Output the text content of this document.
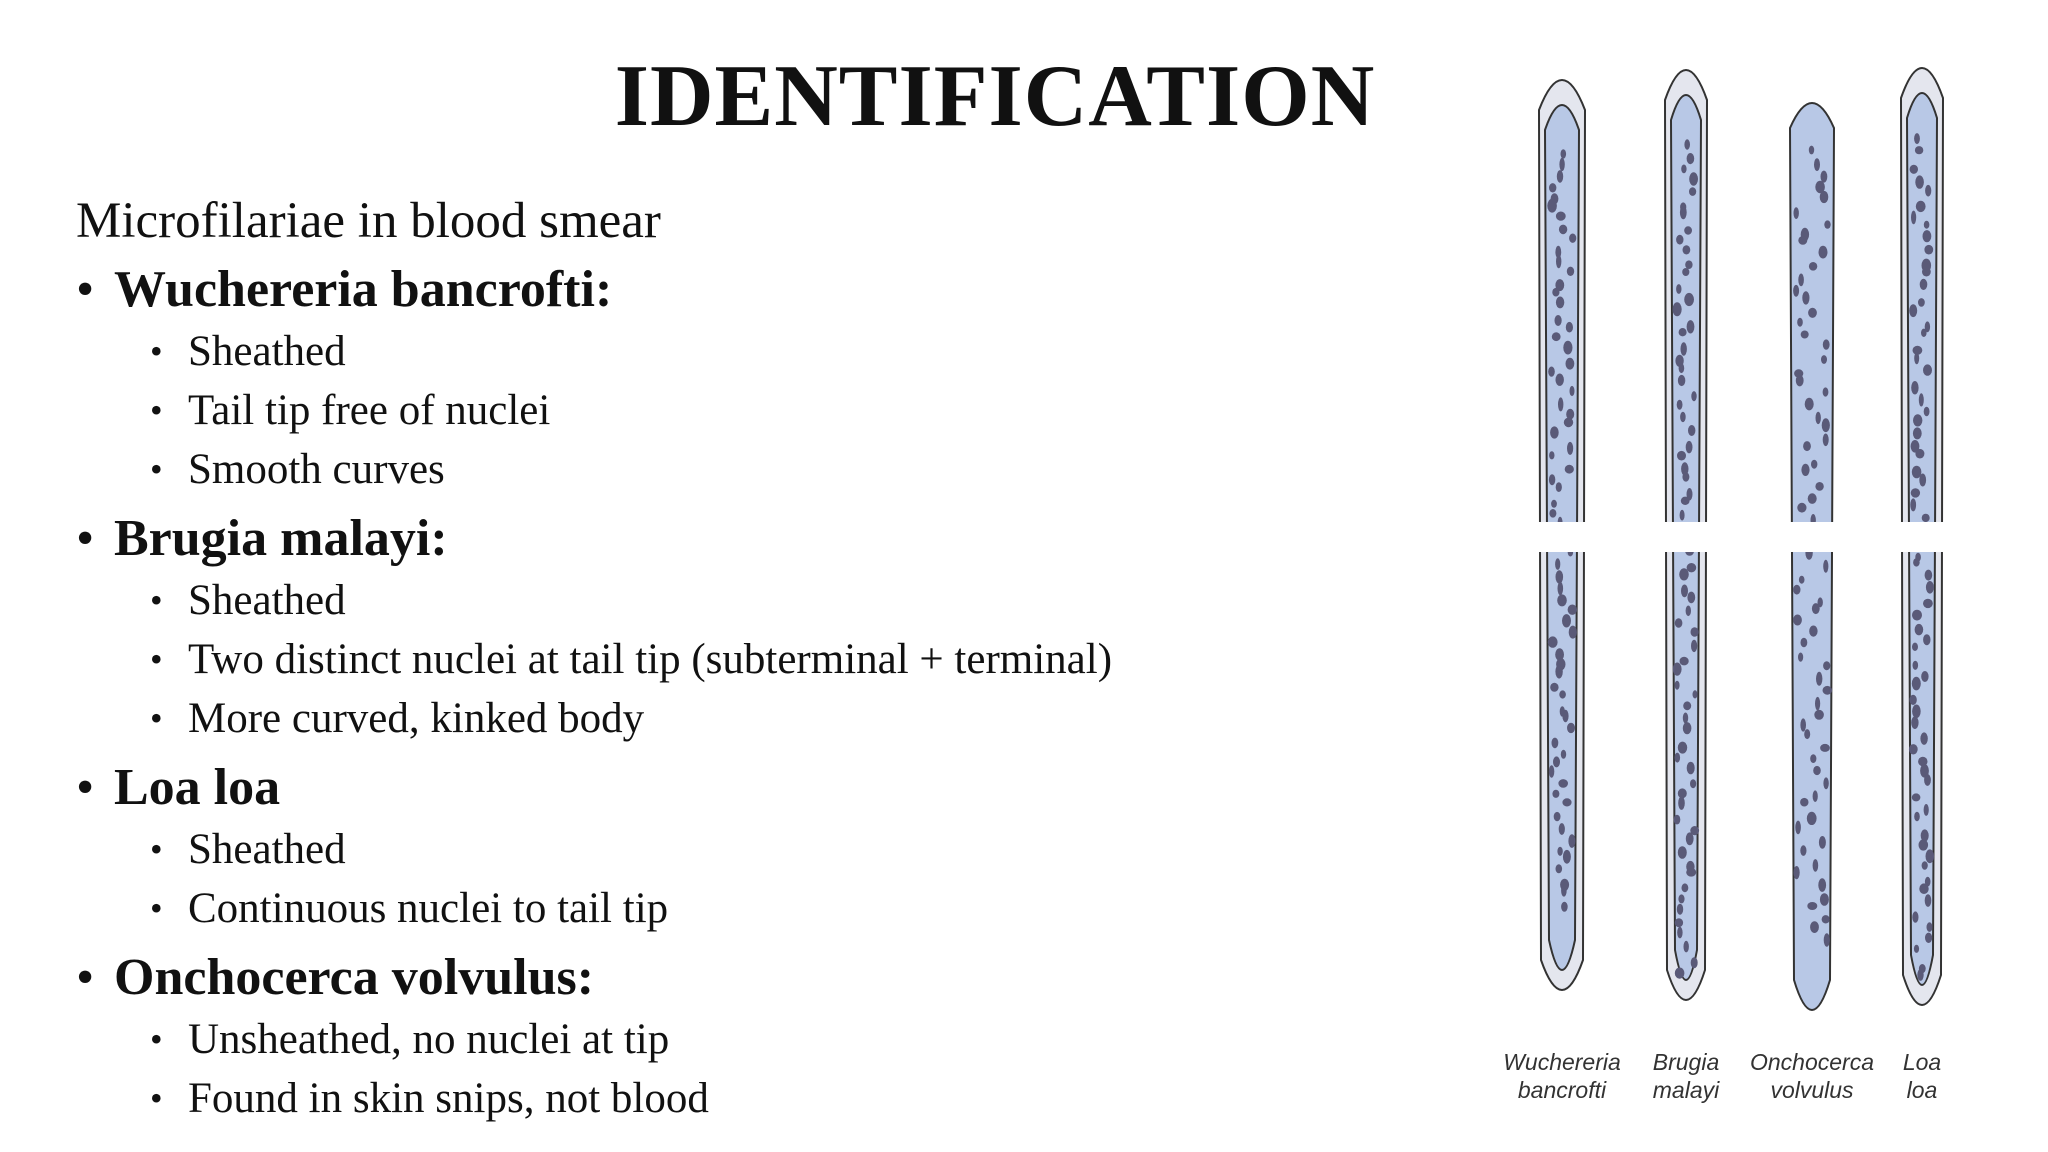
IDENTIFICATION

Microfilariae in blood smear

• Wuchereria bancrofti:
• Sheathed
• Tail tip free of nuclei
• Smooth curves
• Brugia malayi:
• Sheathed
• Two distinct nuclei at tail tip (subterminal + terminal)
• More curved, kinked body
• Loa loa
• Sheathed
• Continuous nuclei to tail tip
• Onchocerca volvulus:
• Unsheathed, no nuclei at tip
• Found in skin snips, not blood
Wuchereria
bancrofti
Brugia
malayi
Onchocerca
volvulus
Loa
loa
